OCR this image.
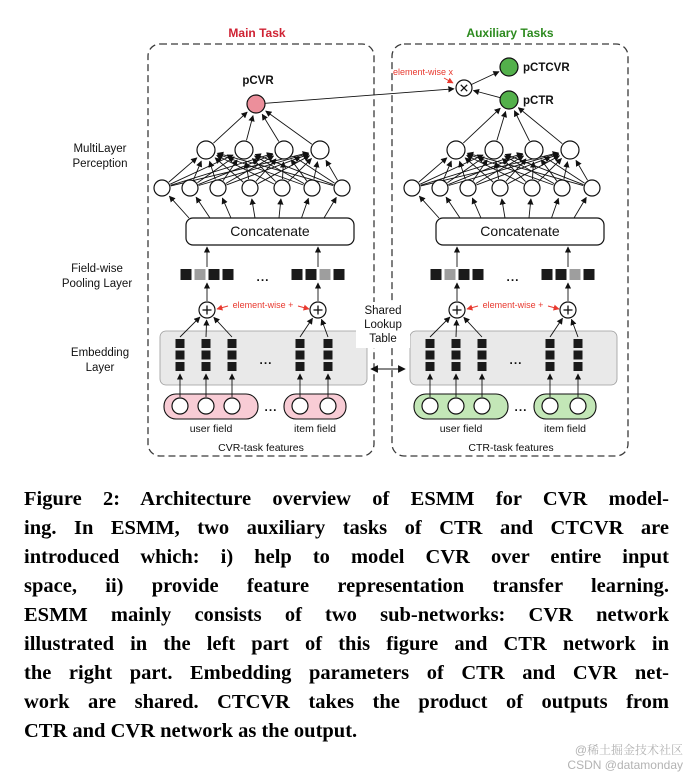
MultiLayer
Perception
Field-wise
Pooling Layer
Embedding
Layer
Main Task
Concatenate
element-wise +
...
...
...
user field	item field
CVR-task features
pCVR
Auxiliary Tasks
Concatenate
element-wise +
...
...
...
user field	item field
CTR-task features
element-wise x	pCTCVR
pCTR
Shared
Lookup
Table
Figure 2: Architecture overview of ESMM for CVR model-
ing. In ESMM, two auxiliary tasks of CTR and CTCVR are
introduced which: i) help to model CVR over entire input
space, ii) provide feature representation transfer learning.
ESMM mainly consists of two sub-networks: CVR network
illustrated in the left part of this figure and CTR network in
the right part. Embedding parameters of CTR and CVR net-
work are shared. CTCVR takes the product of outputs from
CTR and CVR network as the output.
@稀土掘金技术社区
CSDN @datamonday
